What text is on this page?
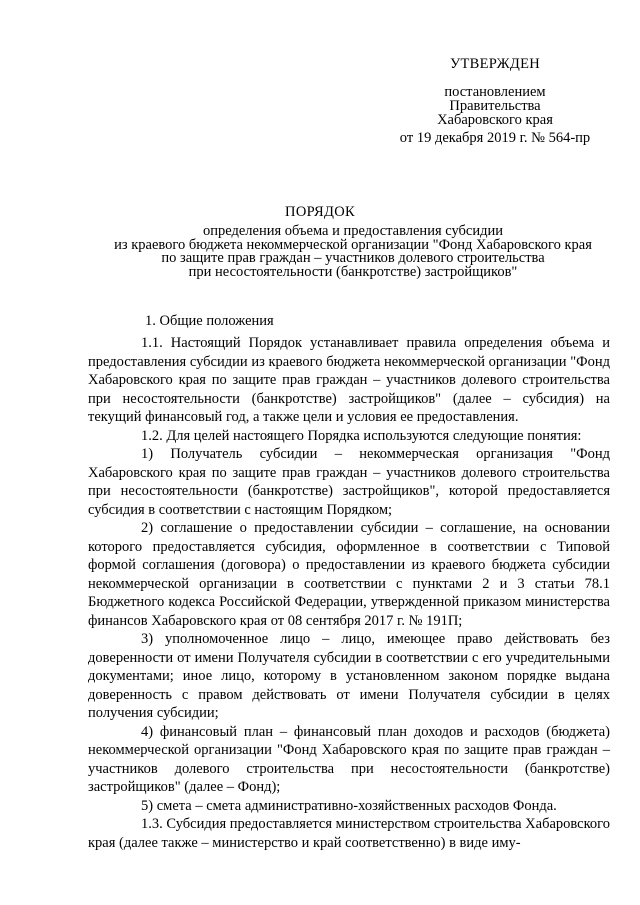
УТВЕРЖДЕН
постановлением
Правительства
Хабаровского края
от 19 декабря 2019 г. № 564-пр
ПОРЯДОК
определения объема и предоставления субсидии
из краевого бюджета некоммерческой организации "Фонд Хабаровского края
по защите прав граждан – участников долевого строительства
при несостоятельности (банкротстве) застройщиков"
1. Общие положения

1.1. Настоящий Порядок устанавливает правила определения объема и предоставления субсидии из краевого бюджета некоммерческой организации "Фонд Хабаровского края по защите прав граждан – участников долевого строительства при несостоятельности (банкротстве) застройщиков" (далее – субсидия) на текущий финансовый год, а также цели и условия ее предоставления.

1.2. Для целей настоящего Порядка используются следующие понятия:

1) Получатель субсидии – некоммерческая организация "Фонд Хабаровского края по защите прав граждан – участников долевого строительства при несостоятельности (банкротстве) застройщиков", которой предоставляется субсидия в соответствии с настоящим Порядком;

2) соглашение о предоставлении субсидии – соглашение, на основании которого предоставляется субсидия, оформленное в соответствии с Типовой формой соглашения (договора) о предоставлении из краевого бюджета субсидии некоммерческой организации в соответствии с пунктами 2 и 3 статьи 78.1 Бюджетного кодекса Российской Федерации, утвержденной приказом министерства финансов Хабаровского края от 08 сентября 2017 г. № 191П;

3) уполномоченное лицо – лицо, имеющее право действовать без доверенности от имени Получателя субсидии в соответствии с его учредительными документами; иное лицо, которому в установленном законом порядке выдана доверенность с правом действовать от имени Получателя субсидии в целях получения субсидии;

4) финансовый план – финансовый план доходов и расходов (бюджета) некоммерческой организации "Фонд Хабаровского края по защите прав граждан – участников долевого строительства при несостоятельности (банкротстве) застройщиков" (далее – Фонд);

5) смета – смета административно-хозяйственных расходов Фонда.

1.3. Субсидия предоставляется министерством строительства Хабаровского края (далее также – министерство и край соответственно) в виде иму-
